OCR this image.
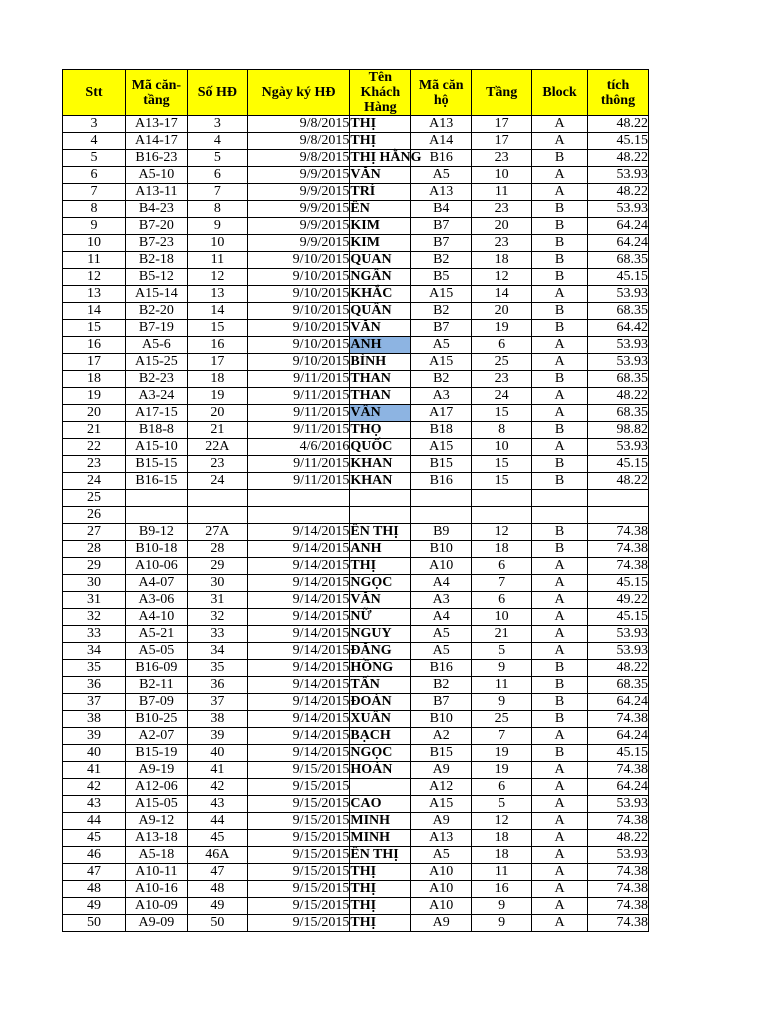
Stt	Mã căn-tầng	Số HĐ	Ngày ký HĐ	Tên Khách Hàng	Mã căn hộ	Tầng	Block	tích thông
3	A13-17	3	9/8/2015	THỊ	A13	17	A	48.22
4	A14-17	4	9/8/2015	THỊ	A14	17	A	45.15
5	B16-23	5	9/8/2015	THỊ HẰNG	B16	23	B	48.22
6	A5-10	6	9/9/2015	VĂN	A5	10	A	53.93
7	A13-11	7	9/9/2015	TRÍ	A13	11	A	48.22
8	B4-23	8	9/9/2015	ÊN	B4	23	B	53.93
9	B7-20	9	9/9/2015	KIM	B7	20	B	64.24
10	B7-23	10	9/9/2015	KIM	B7	23	B	64.24
11	B2-18	11	9/10/2015	QUAN	B2	18	B	68.35
12	B5-12	12	9/10/2015	NGÂN	B5	12	B	45.15
13	A15-14	13	9/10/2015	KHẮC	A15	14	A	53.93
14	B2-20	14	9/10/2015	QUÂN	B2	20	B	68.35
15	B7-19	15	9/10/2015	VĂN	B7	19	B	64.42
16	A5-6	16	9/10/2015	ANH	A5	6	A	53.93
17	A15-25	17	9/10/2015	BÌNH	A15	25	A	53.93
18	B2-23	18	9/11/2015	THAN	B2	23	B	68.35
19	A3-24	19	9/11/2015	THAN	A3	24	A	48.22
20	A17-15	20	9/11/2015	VÂN	A17	15	A	68.35
21	B18-8	21	9/11/2015	THỌ	B18	8	B	98.82
22	A15-10	22A	4/6/2016	QUỐC	A15	10	A	53.93
23	B15-15	23	9/11/2015	KHAN	B15	15	B	45.15
24	B16-15	24	9/11/2015	KHAN	B16	15	B	48.22
25								
26								
27	B9-12	27A	9/14/2015	ÊN THỊ	B9	12	B	74.38
28	B10-18	28	9/14/2015	ANH	B10	18	B	74.38
29	A10-06	29	9/14/2015	THỊ	A10	6	A	74.38
30	A4-07	30	9/14/2015	NGỌC	A4	7	A	45.15
31	A3-06	31	9/14/2015	VĂN	A3	6	A	49.22
32	A4-10	32	9/14/2015	NỮ	A4	10	A	45.15
33	A5-21	33	9/14/2015	NGUY	A5	21	A	53.93
34	A5-05	34	9/14/2015	ĐĂNG	A5	5	A	53.93
35	B16-09	35	9/14/2015	HỒNG	B16	9	B	48.22
36	B2-11	36	9/14/2015	TẤN	B2	11	B	68.35
37	B7-09	37	9/14/2015	ĐOÀN	B7	9	B	64.24
38	B10-25	38	9/14/2015	XUÂN	B10	25	B	74.38
39	A2-07	39	9/14/2015	BẠCH	A2	7	A	64.24
40	B15-19	40	9/14/2015	NGỌC	B15	19	B	45.15
41	A9-19	41	9/15/2015	HOÀN	A9	19	A	74.38
42	A12-06	42	9/15/2015		A12	6	A	64.24
43	A15-05	43	9/15/2015	CAO	A15	5	A	53.93
44	A9-12	44	9/15/2015	MINH	A9	12	A	74.38
45	A13-18	45	9/15/2015	MINH	A13	18	A	48.22
46	A5-18	46A	9/15/2015	ÊN THỊ	A5	18	A	53.93
47	A10-11	47	9/15/2015	THỊ	A10	11	A	74.38
48	A10-16	48	9/15/2015	THỊ	A10	16	A	74.38
49	A10-09	49	9/15/2015	THỊ	A10	9	A	74.38
50	A9-09	50	9/15/2015	THỊ	A9	9	A	74.38
